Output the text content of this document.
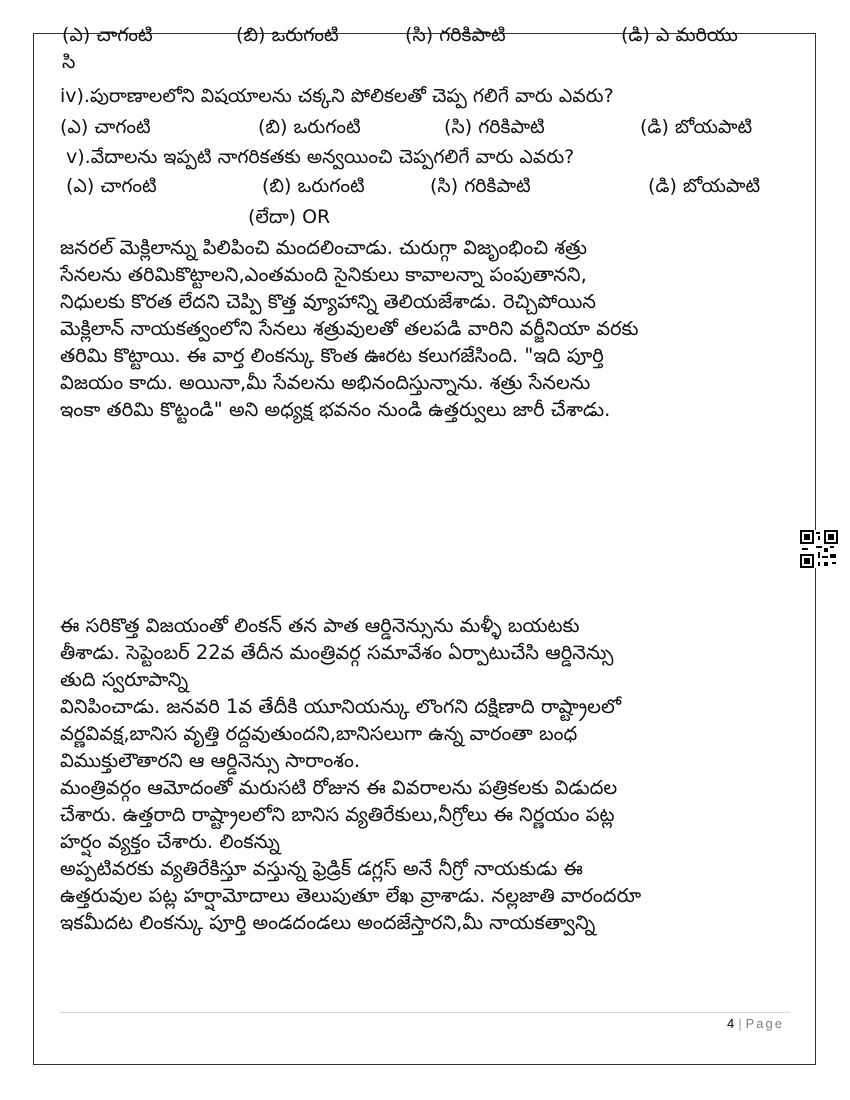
(ఎ) చాగంటి	(బి) ఒరుగంటి	(సి) గరికిపాటి	(డి) ఎ మరియు
సి
iv).పురాణాలలోని విషయాలను చక్కని పోలికలతో చెప్ప గలిగే వారు ఎవరు?
(ఎ) చాగంటి	(బి) ఒరుగంటి	(సి) గరికిపాటి	(డి) బోయపాటి
v).వేదాలను ఇప్పటి నాగరికతకు అన్వయించి చెప్పగలిగే వారు ఎవరు?
(ఎ) చాగంటి	(బి) ఒరుగంటి	(సి) గరికిపాటి	(డి) బోయపాటి
(లేదా) OR

జనరల్ మెక్లిలాన్ను పిలిపించి మందలించాడు. చురుగ్గా విజృంభించి శత్రు

సేనలను తరిమికొట్టాలని,ఎంతమంది సైనికులు కావాలన్నా పంపుతానని,

నిధులకు కొరత లేదని చెప్పి కొత్త వ్యూహాన్ని తెలియజేశాడు. రెచ్చిపోయిన

మెక్లిలాన్ నాయకత్వంలోని సేనలు శత్రువులతో తలపడి వారిని వర్జీనియా వరకు

తరిమి కొట్టాయి. ఈ వార్త లింకన్కు కొంత ఊరట కలుగజేసింది. "ఇది పూర్తి

విజయం కాదు. అయినా,మీ సేవలను అభినందిస్తున్నాను. శత్రు సేనలను

ఇంకా తరిమి కొట్టండి" అని అధ్యక్ష భవనం నుండి ఉత్తర్వులు జారీ చేశాడు.

ఈ సరికొత్త విజయంతో లింకన్ తన పాత ఆర్డినెన్సును మళ్ళీ బయటకు

తీశాడు. సెప్టెంబర్ 22వ తేదీన మంత్రివర్గ సమావేశం ఏర్పాటుచేసి ఆర్డినెన్సు

తుది స్వరూపాన్ని

వినిపించాడు. జనవరి 1వ తేదీకి యూనియన్కు లొంగని దక్షిణాది రాష్ట్రాలలో

వర్ణవివక్ష,బానిస వృత్తి రద్దవుతుందని,బానిసలుగా ఉన్న వారంతా బంధ

విముక్తులౌతారని ఆ ఆర్డినెన్సు సారాంశం.

మంత్రివర్గం ఆమోదంతో మరుసటి రోజున ఈ వివరాలను పత్రికలకు విడుదల

చేశారు. ఉత్తరాది రాష్ట్రాలలోని బానిస వ్యతిరేకులు,నీగ్రోలు ఈ నిర్ణయం పట్ల

హర్షం వ్యక్తం చేశారు. లింకన్ను

అప్పటివరకు వ్యతిరేకిస్తూ వస్తున్న ఫ్రెడ్రిక్ డగ్లస్ అనే నీగ్రో నాయకుడు ఈ

ఉత్తరువుల పట్ల హర్షామోదాలు తెలుపుతూ లేఖ వ్రాశాడు. నల్లజాతి వారందరూ

ఇకమీదట లింకన్కు పూర్తి అండదండలు అందజేస్తారని,మీ నాయకత్వాన్ని

4 | Page
